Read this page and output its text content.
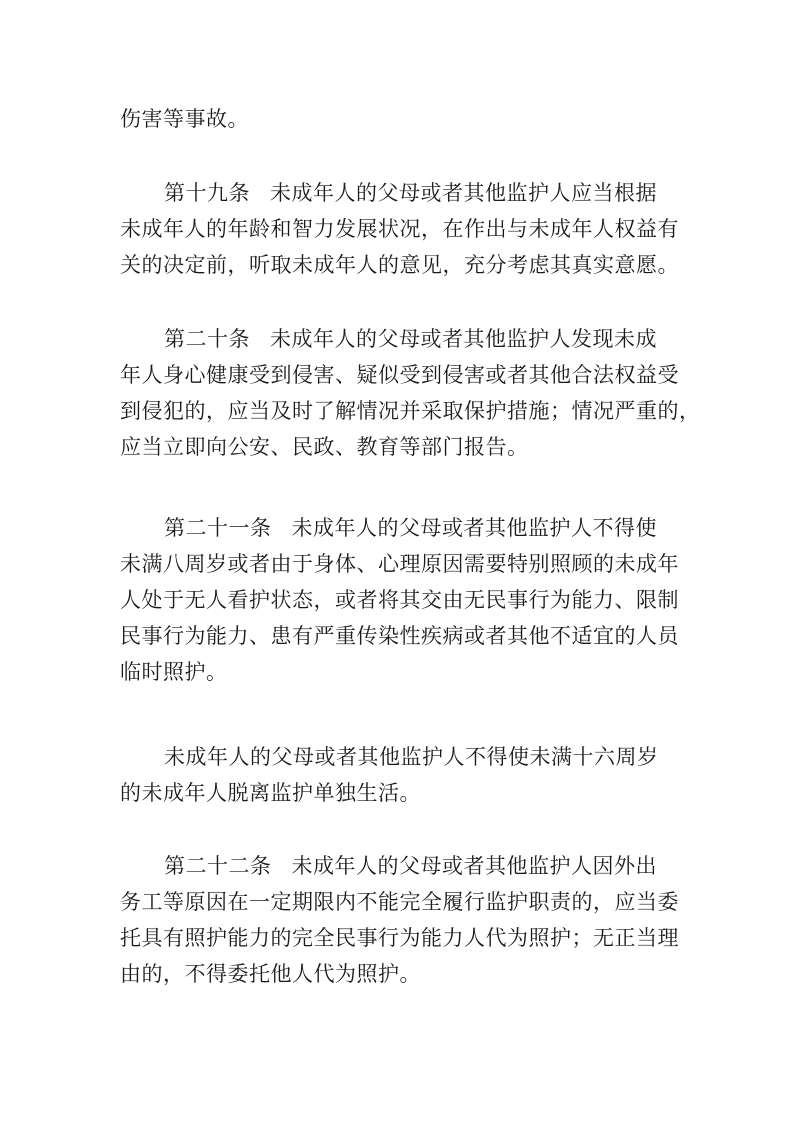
伤害等事故。
第十九条 未成年人的父母或者其他监护人应当根据
未成年人的年龄和智力发展状况，在作出与未成年人权益有
关的决定前，听取未成年人的意见，充分考虑其真实意愿。
第二十条 未成年人的父母或者其他监护人发现未成
年人身心健康受到侵害、疑似受到侵害或者其他合法权益受
到侵犯的，应当及时了解情况并采取保护措施；情况严重的，
应当立即向公安、民政、教育等部门报告。
第二十一条 未成年人的父母或者其他监护人不得使
未满八周岁或者由于身体、心理原因需要特别照顾的未成年
人处于无人看护状态，或者将其交由无民事行为能力、限制
民事行为能力、患有严重传染性疾病或者其他不适宜的人员
临时照护。
未成年人的父母或者其他监护人不得使未满十六周岁
的未成年人脱离监护单独生活。
第二十二条 未成年人的父母或者其他监护人因外出
务工等原因在一定期限内不能完全履行监护职责的，应当委
托具有照护能力的完全民事行为能力人代为照护；无正当理
由的，不得委托他人代为照护。
